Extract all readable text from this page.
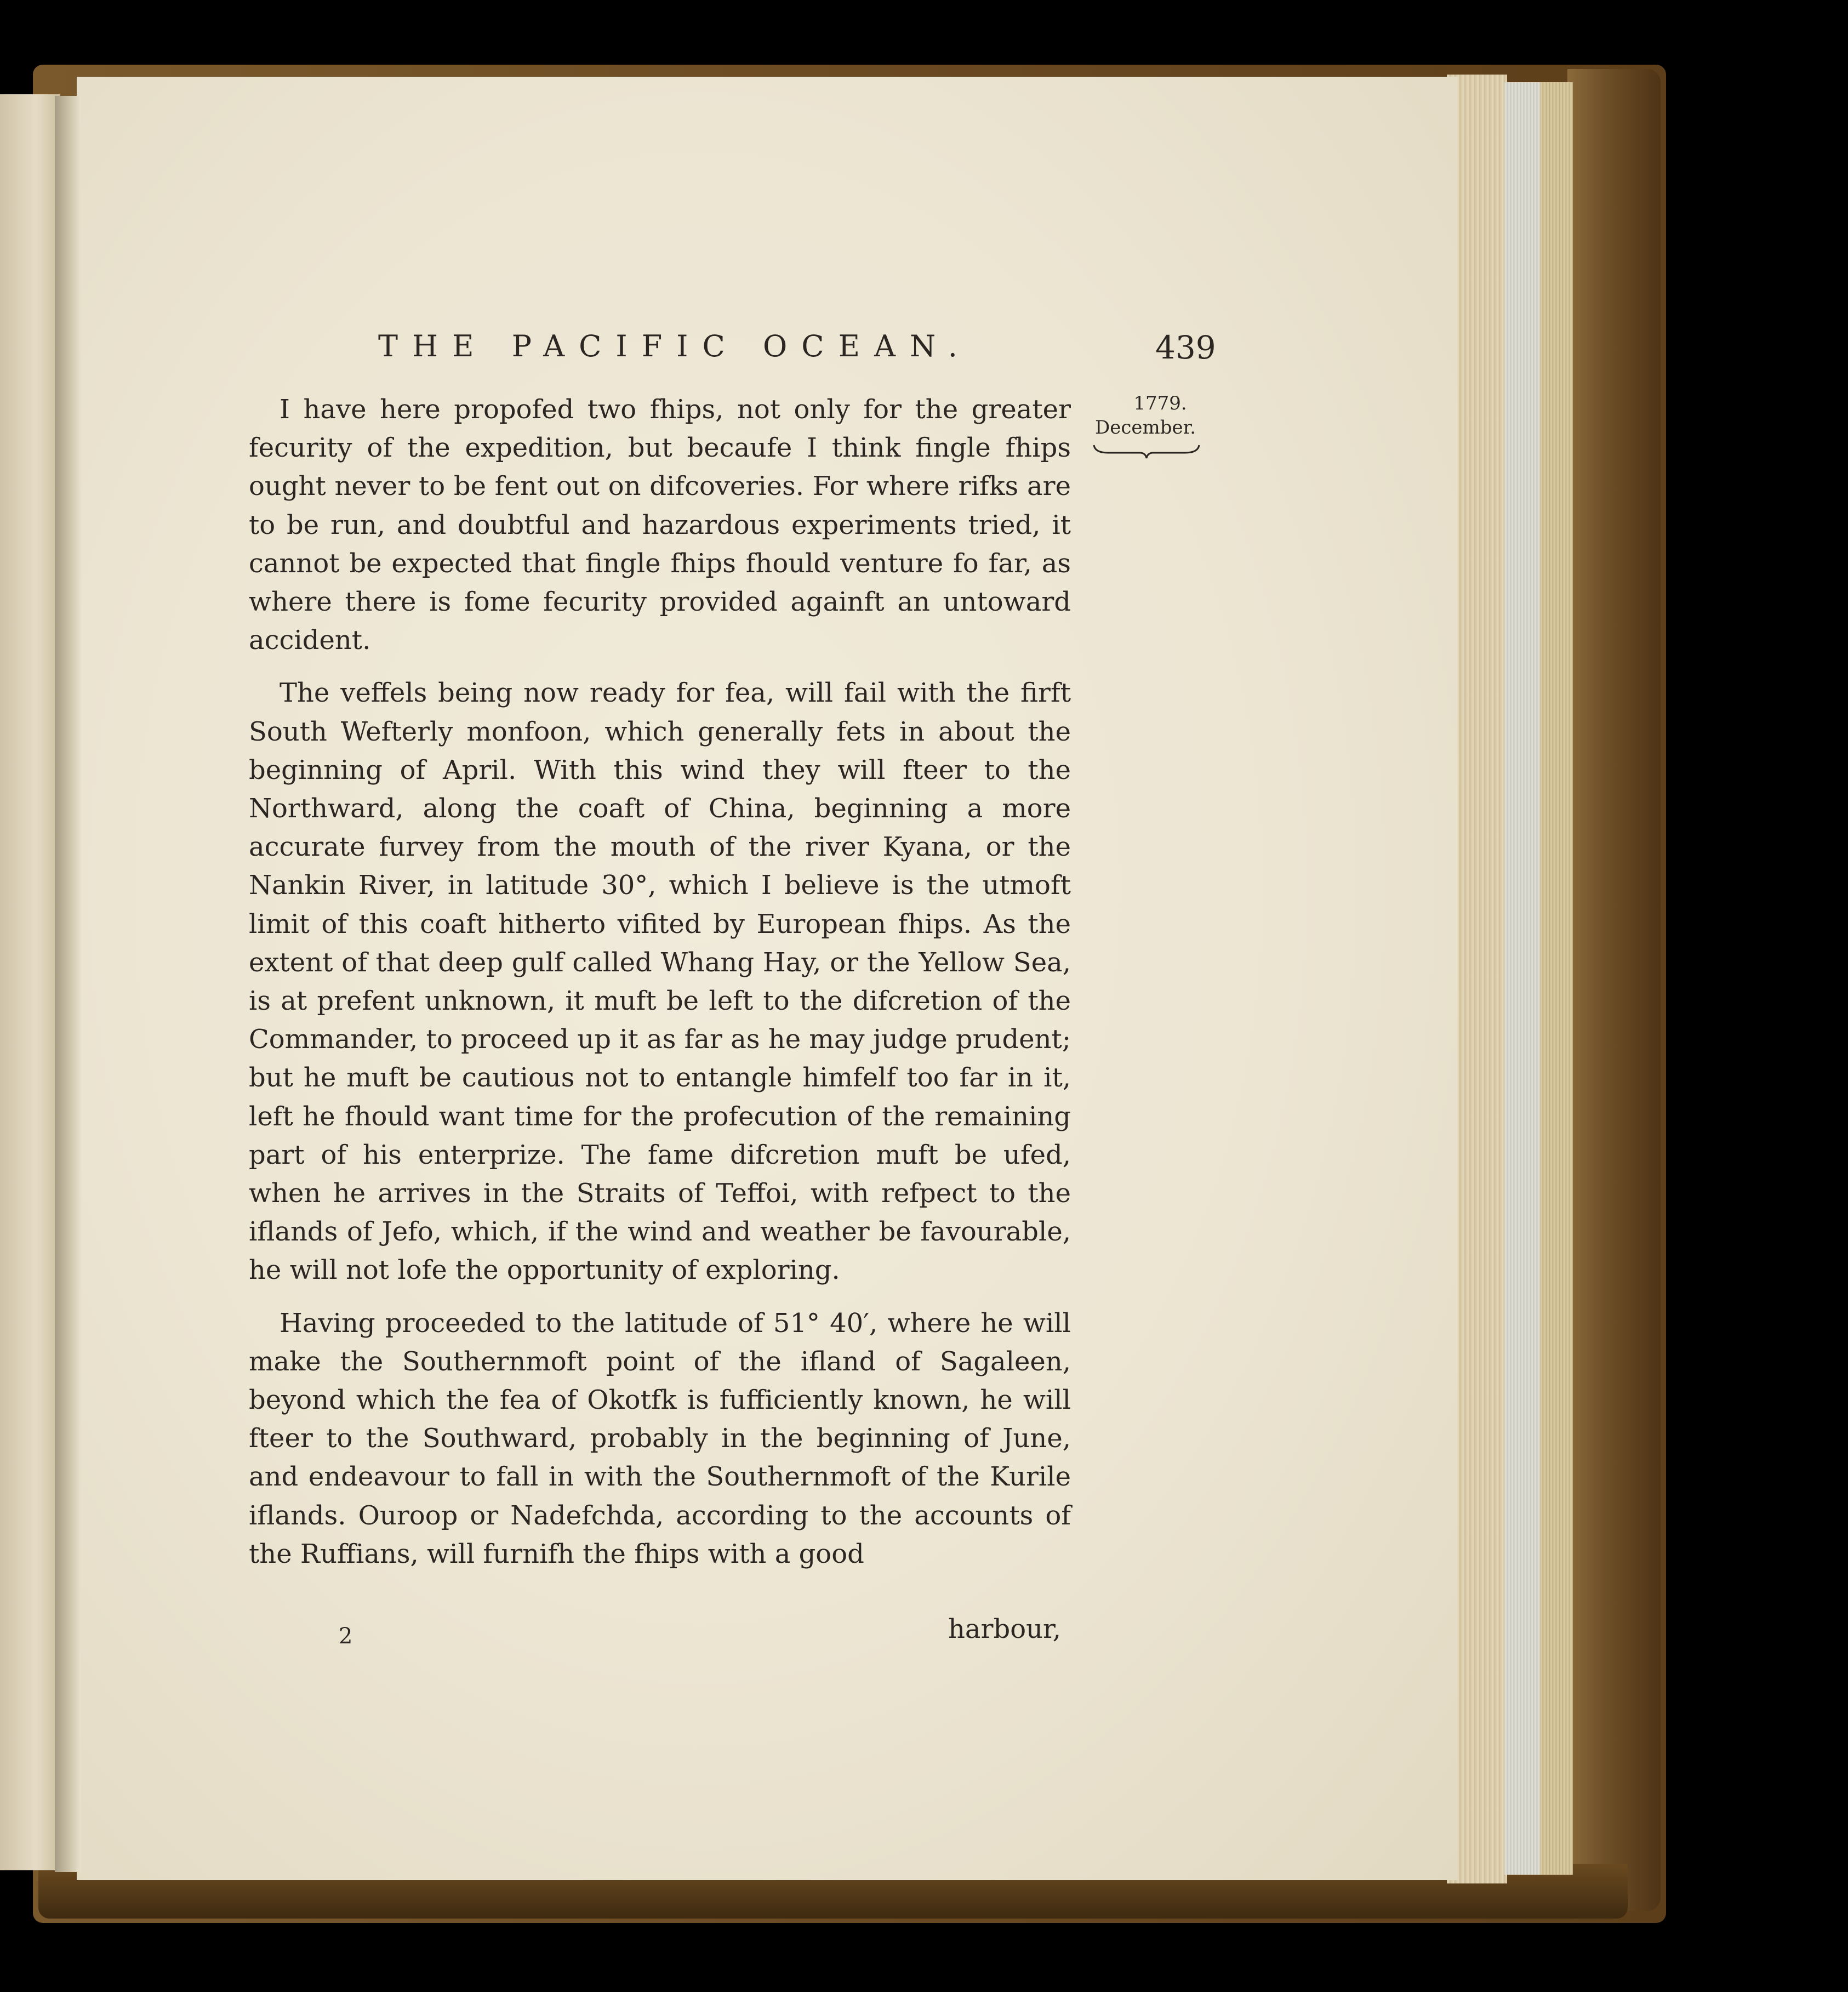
THE PACIFIC OCEAN.	439
1779.
December.

I have here propofed two fhips, not only for the greater fecurity of the expedition, but becaufe I think fingle fhips ought never to be fent out on difcoveries. For where rifks are to be run, and doubtful and hazardous experiments tried, it cannot be expected that fingle fhips fhould venture fo far, as where there is fome fecurity provided againft an untoward accident.

The veffels being now ready for fea, will fail with the firft South Wefterly monfoon, which generally fets in about the beginning of April. With this wind they will fteer to the Northward, along the coaft of China, beginning a more accurate furvey from the mouth of the river Kyana, or the Nankin River, in latitude 30°, which I believe is the utmoft limit of this coaft hitherto vifited by European fhips. As the extent of that deep gulf called Whang Hay, or the Yellow Sea, is at prefent unknown, it muft be left to the difcretion of the Commander, to proceed up it as far as he may judge prudent; but he muft be cautious not to entangle himfelf too far in it, left he fhould want time for the profecution of the remaining part of his enterprize. The fame difcretion muft be ufed, when he arrives in the Straits of Teffoi, with refpect to the iflands of Jefo, which, if the wind and weather be favourable, he will not lofe the opportunity of exploring.

Having proceeded to the latitude of 51° 40′, where he will make the Southernmoft point of the ifland of Sagaleen, beyond which the fea of Okotfk is fufficiently known, he will fteer to the Southward, probably in the beginning of June, and endeavour to fall in with the Southernmoft of the Kurile iflands. Ouroop or Nadefchda, according to the accounts of the Ruffians, will furnifh the fhips with a good

2	harbour,
